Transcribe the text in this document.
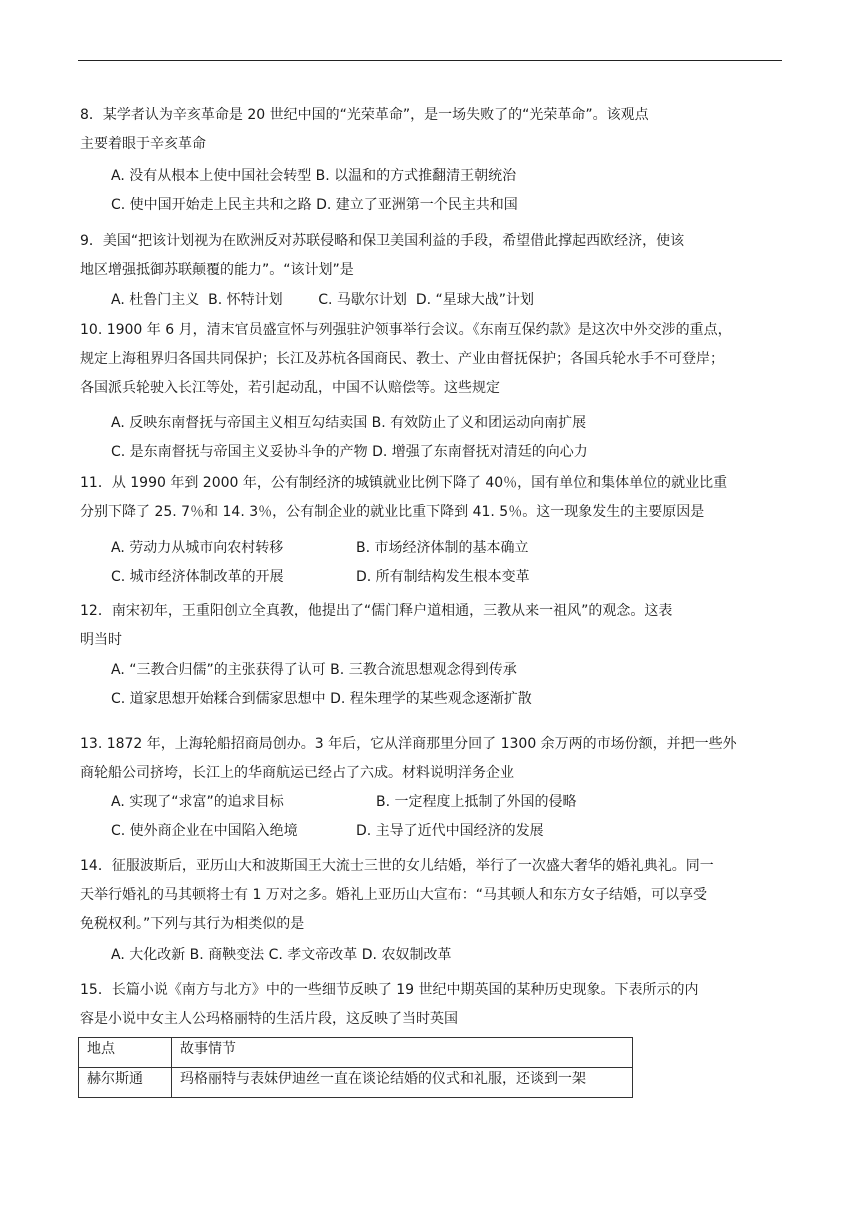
8．某学者认为辛亥革命是 20 世纪中国的“光荣革命”，是一场失败了的“光荣革命”。该观点
主要着眼于辛亥革命
A. 没有从根本上使中国社会转型 B. 以温和的方式推翻清王朝统治
C. 使中国开始走上民主共和之路 D. 建立了亚洲第一个民主共和国
9．美国“把该计划视为在欧洲反对苏联侵略和保卫美国利益的手段，希望借此撑起西欧经济，使该
地区增强抵御苏联颠覆的能力”。“该计划”是
A. 杜鲁门主义  B. 怀特计划        C. 马歇尔计划  D. “星球大战”计划
10. 1900 年 6 月，清末官员盛宣怀与列强驻沪领事举行会议。《东南互保约款》是这次中外交涉的重点，
规定上海租界归各国共同保护；长江及苏杭各国商民、教士、产业由督抚保护；各国兵轮水手不可登岸；
各国派兵轮驶入长江等处，若引起动乱，中国不认赔偿等。这些规定
A. 反映东南督抚与帝国主义相互勾结卖国 B. 有效防止了义和团运动向南扩展
C. 是东南督抚与帝国主义妥协斗争的产物 D. 增强了东南督抚对清廷的向心力
11．从 1990 年到 2000 年，公有制经济的城镇就业比例下降了 40％，国有单位和集体单位的就业比重
分别下降了 25. 7％和 14. 3％，公有制企业的就业比重下降到 41. 5％。这一现象发生的主要原因是
A. 劳动力从城市向农村转移	B. 市场经济体制的基本确立
C. 城市经济体制改革的开展	D. 所有制结构发生根本变革
12．南宋初年，王重阳创立全真教，他提出了“儒门释户道相通，三教从来一祖风”的观念。这表
明当时
A. “三教合归儒”的主张获得了认可 B. 三教合流思想观念得到传承
C. 道家思想开始糅合到儒家思想中 D. 程朱理学的某些观念逐渐扩散
13. 1872 年，上海轮船招商局创办。3 年后，它从洋商那里分回了 1300 余万两的市场份额，并把一些外
商轮船公司挤垮，长江上的华商航运已经占了六成。材料说明洋务企业
A. 实现了“求富”的追求目标	B. 一定程度上抵制了外国的侵略
C. 使外商企业在中国陷入绝境	D. 主导了近代中国经济的发展
14．征服波斯后，亚历山大和波斯国王大流士三世的女儿结婚，举行了一次盛大奢华的婚礼典礼。同一
天举行婚礼的马其顿将士有 1 万对之多。婚礼上亚历山大宣布：“马其顿人和东方女子结婚，可以享受
免税权利。”下列与其行为相类似的是
A. 大化改新 B. 商鞅变法 C. 孝文帝改革 D. 农奴制改革
15．长篇小说《南方与北方》中的一些细节反映了 19 世纪中期英国的某种历史现象。下表所示的内
容是小说中女主人公玛格丽特的生活片段，这反映了当时英国
地点	故事情节
赫尔斯通	玛格丽特与表妹伊迪丝一直在谈论结婚的仪式和礼服，还谈到一架
